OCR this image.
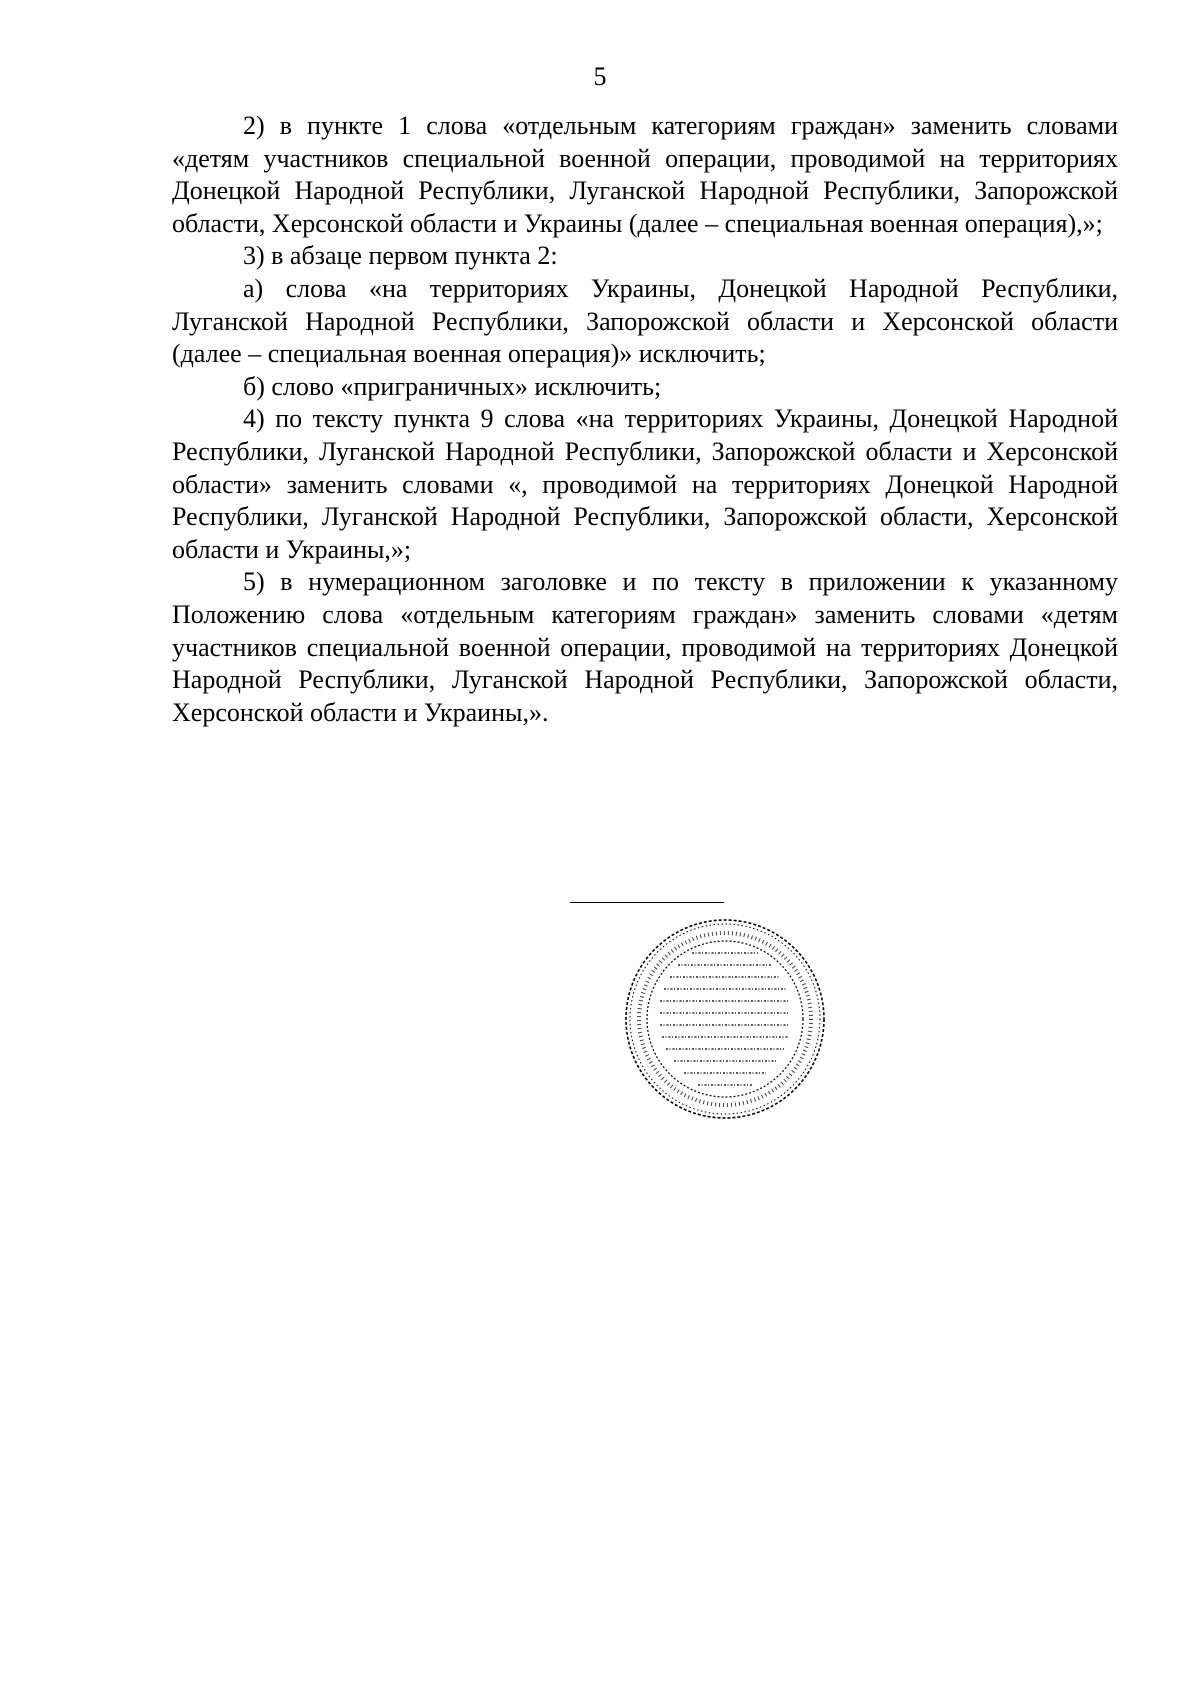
5

2) в пункте 1 слова «отдельным категориям граждан» заменить словами «детям участников специальной военной операции, проводимой на территориях Донецкой Народной Республики, Луганской Народной Республики, Запорожской области, Херсонской области и Украины (далее – специальная военная операция),»;

3) в абзаце первом пункта 2:

а) слова «на территориях Украины, Донецкой Народной Республики, Луганской Народной Республики, Запорожской области и Херсонской области (далее – специальная военная операция)» исключить;

б) слово «приграничных» исключить;

4) по тексту пункта 9 слова «на территориях Украины, Донецкой Народной Республики, Луганской Народной Республики, Запорожской области и Херсонской области» заменить словами «, проводимой на территориях Донецкой Народной Республики, Луганской Народной Республики, Запорожской области, Херсонской области и Украины,»;

5) в нумерационном заголовке и по тексту в приложении к указанному Положению слова «отдельным категориям граждан» заменить словами «детям участников специальной военной операции, проводимой на территориях Донецкой Народной Республики, Луганской Народной Республики, Запорожской области, Херсонской области и Украины,».
